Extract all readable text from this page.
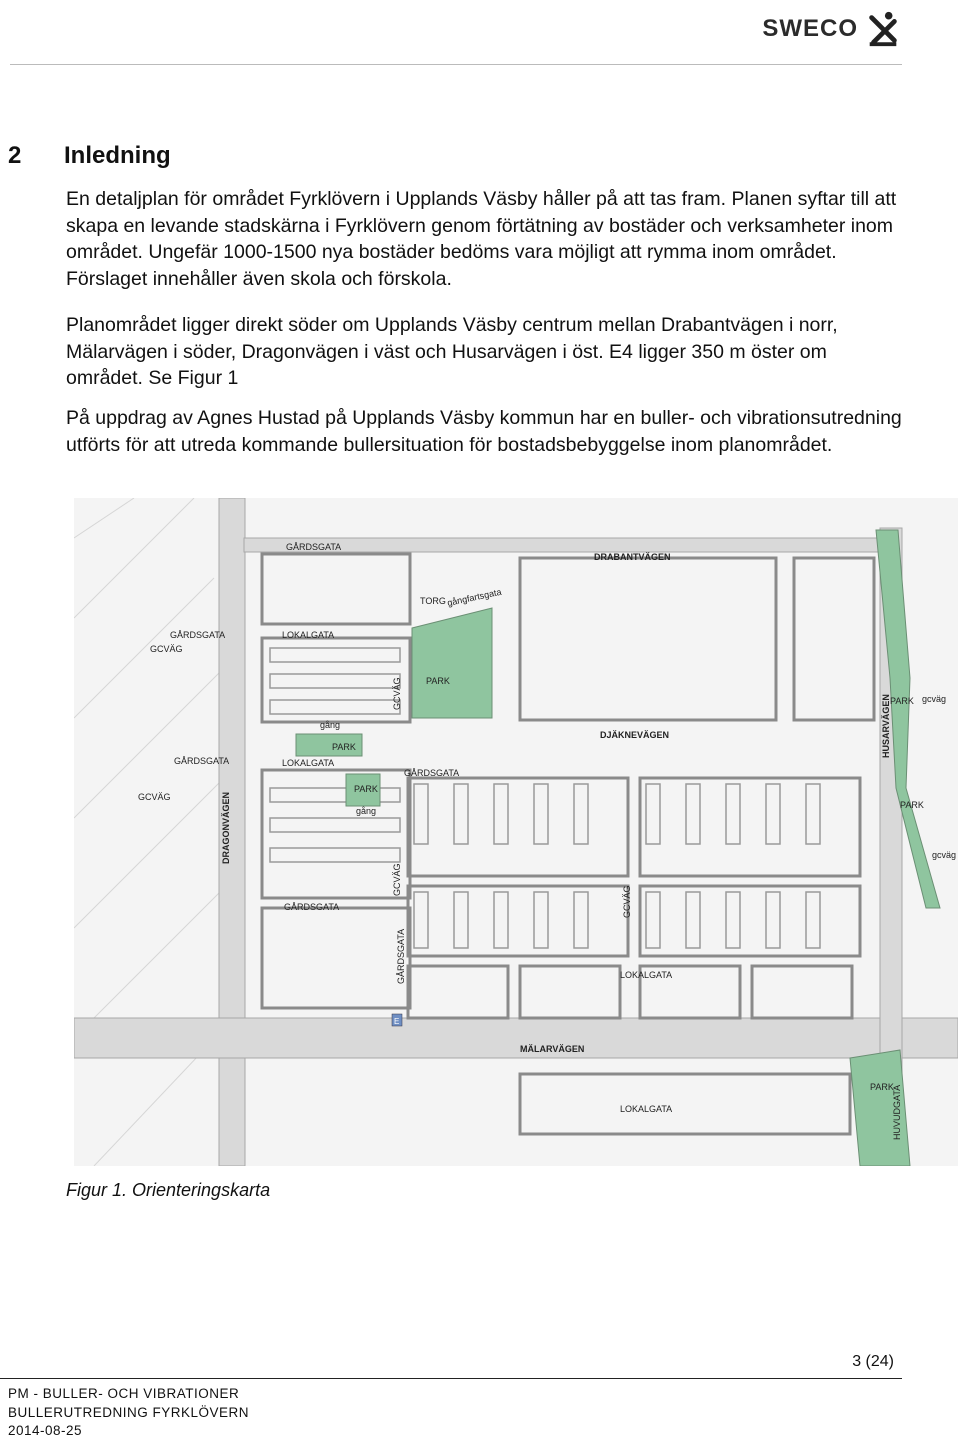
SWECO
2 Inledning

En detaljplan för området Fyrklövern i Upplands Väsby håller på att tas fram. Planen syftar till att skapa en levande stadskärna i Fyrklövern genom förtätning av bostäder och verksamheter inom området. Ungefär 1000-1500 nya bostäder bedöms vara möjligt att rymma inom området. Förslaget innehåller även skola och förskola.

Planområdet ligger direkt söder om Upplands Väsby centrum mellan Drabantvägen i norr, Mälarvägen i söder, Dragonvägen i väst och Husarvägen i öst. E4 ligger 350 m öster om området. Se Figur 1

På uppdrag av Agnes Hustad på Upplands Väsby kommun har en buller- och vibrationsutredning utförts för att utreda kommande bullersituation för bostadsbebyggelse inom planområdet.

DRABANTVÄGEN
DJÄKNEVÄGEN
MÄLARVÄGEN
HUSARVÄGEN
DRAGONVÄGEN
GÅRDSGATA
GÅRDSGATA
GÅRDSGATA
GÅRDSGATA
GÅRDSGATA
LOKALGATA
LOKALGATA
LOKALGATA
LOKALGATA
GCVÄG
GCVÄG
GCVÄG
GCVÄG
GCVÄG
GÅRDSGATA
HUVUDGATA
gcväg
gcväg
TORG gångfartsgata
gång
gång
PARK
PARK
PARK
PARK
PARK
PARK
E
Figur 1. Orienteringskarta
3 (24)
PM - BULLER- OCH VIBRATIONER
BULLERUTREDNING FYRKLÖVERN
2014-08-25
